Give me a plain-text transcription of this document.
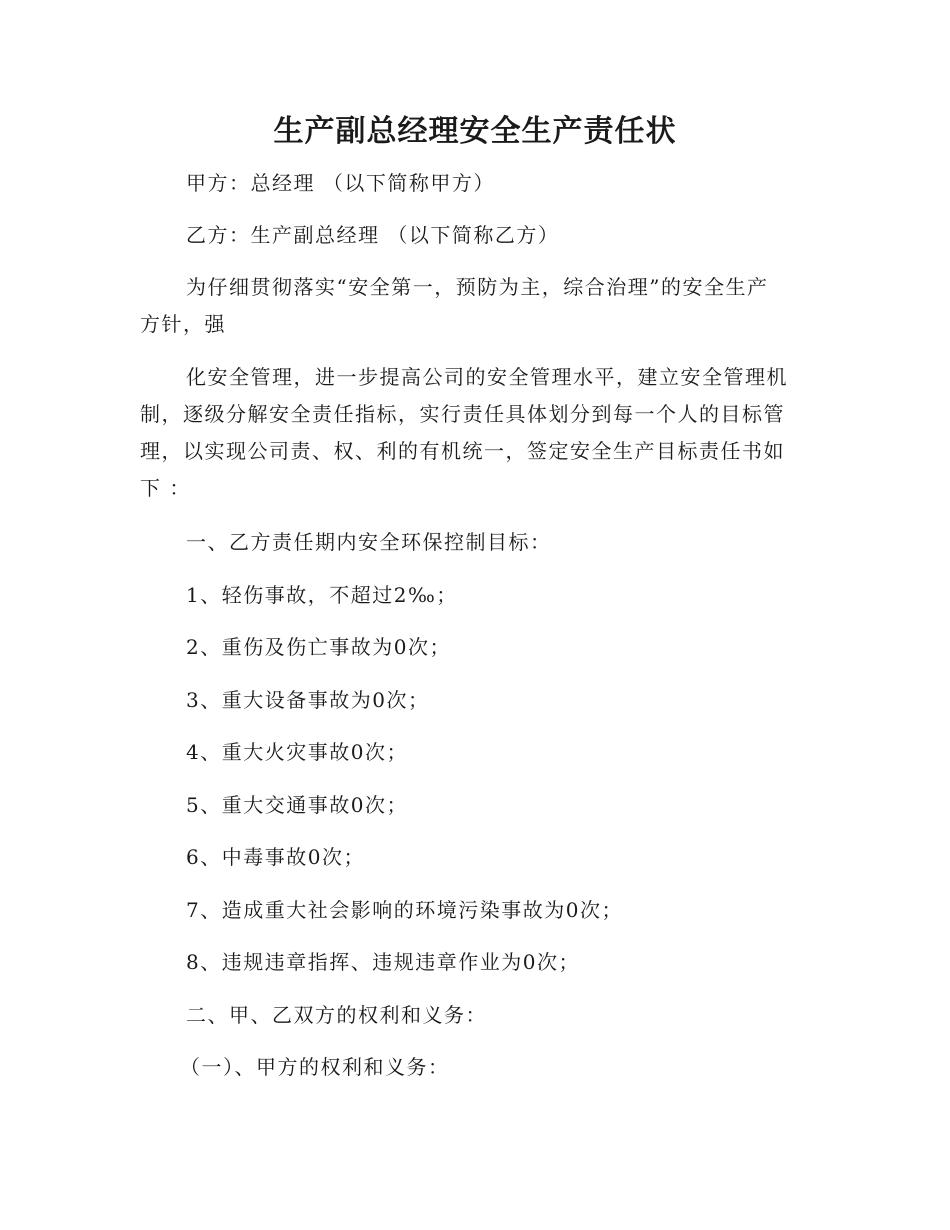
生产副总经理安全生产责任状
甲方：总经理 （以下简称甲方）
乙方：生产副总经理 （以下简称乙方）
为仔细贯彻落实“安全第一，预防为主，综合治理”的安全生产
方针，强
化安全管理，进一步提高公司的安全管理水平，建立安全管理机
制，逐级分解安全责任指标，实行责任具体划分到每一个人的目标管
理，以实现公司责、权、利的有机统一，签定安全生产目标责任书如
下 ：
一、乙方责任期内安全环保控制目标：
1、轻伤事故，不超过2‰；
2、重伤及伤亡事故为0次；
3、重大设备事故为0次；
4、重大火灾事故0次；
5、重大交通事故0次；
6、中毒事故0次；
7、造成重大社会影响的环境污染事故为0次；
8、违规违章指挥、违规违章作业为0次；
二、甲、乙双方的权利和义务：
（一）、甲方的权利和义务：
